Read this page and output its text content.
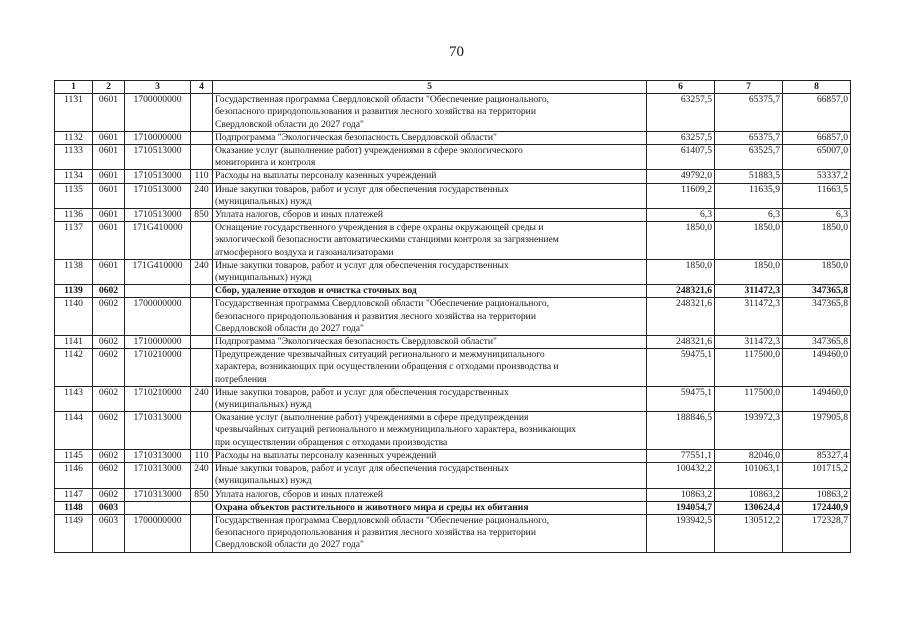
70
1	2	3	4	5	6	7	8
1131	0601	1700000000		Государственная программа Свердловской области "Обеспечение рационального,
безопасного природопользования и развития лесного хозяйства на территории
Свердловской области до 2027 года"	63257,5	65375,7	66857,0
1132	0601	1710000000		Подпрограмма "Экологическая безопасность Свердловской области"	63257,5	65375,7	66857,0
1133	0601	1710513000		Оказание услуг (выполнение работ) учреждениями в сфере экологического
мониторинга и контроля	61407,5	63525,7	65007,0
1134	0601	1710513000	110	Расходы на выплаты персоналу казенных учреждений	49792,0	51883,5	53337,2
1135	0601	1710513000	240	Иные закупки товаров, работ и услуг для обеспечения государственных
(муниципальных) нужд	11609,2	11635,9	11663,5
1136	0601	1710513000	850	Уплата налогов, сборов и иных платежей	6,3	6,3	6,3
1137	0601	171G410000		Оснащение государственного учреждения в сфере охраны окружающей среды и
экологической безопасности автоматическими станциями контроля за загрязнением
атмосферного воздуха и газоанализаторами	1850,0	1850,0	1850,0
1138	0601	171G410000	240	Иные закупки товаров, работ и услуг для обеспечения государственных
(муниципальных) нужд	1850,0	1850,0	1850,0
1139	0602			Сбор, удаление отходов и очистка сточных вод	248321,6	311472,3	347365,8
1140	0602	1700000000		Государственная программа Свердловской области "Обеспечение рационального,
безопасного природопользования и развития лесного хозяйства на территории
Свердловской области до 2027 года"	248321,6	311472,3	347365,8
1141	0602	1710000000		Подпрограмма "Экологическая безопасность Свердловской области"	248321,6	311472,3	347365,8
1142	0602	1710210000		Предупреждение чрезвычайных ситуаций регионального и межмуниципального
характера, возникающих при осуществлении обращения с отходами производства и
потребления	59475,1	117500,0	149460,0
1143	0602	1710210000	240	Иные закупки товаров, работ и услуг для обеспечения государственных
(муниципальных) нужд	59475,1	117500,0	149460,0
1144	0602	1710313000		Оказание услуг (выполнение работ) учреждениями в сфере предупреждения
чрезвычайных ситуаций регионального и межмуниципального характера, возникающих
при осуществлении обращения с отходами производства	188846,5	193972,3	197905,8
1145	0602	1710313000	110	Расходы на выплаты персоналу казенных учреждений	77551,1	82046,0	85327,4
1146	0602	1710313000	240	Иные закупки товаров, работ и услуг для обеспечения государственных
(муниципальных) нужд	100432,2	101063,1	101715,2
1147	0602	1710313000	850	Уплата налогов, сборов и иных платежей	10863,2	10863,2	10863,2
1148	0603			Охрана объектов растительного и животного мира и среды их обитания	194054,7	130624,4	172440,9
1149	0603	1700000000		Государственная программа Свердловской области "Обеспечение рационального,
безопасного природопользования и развития лесного хозяйства на территории
Свердловской области до 2027 года"	193942,5	130512,2	172328,7
